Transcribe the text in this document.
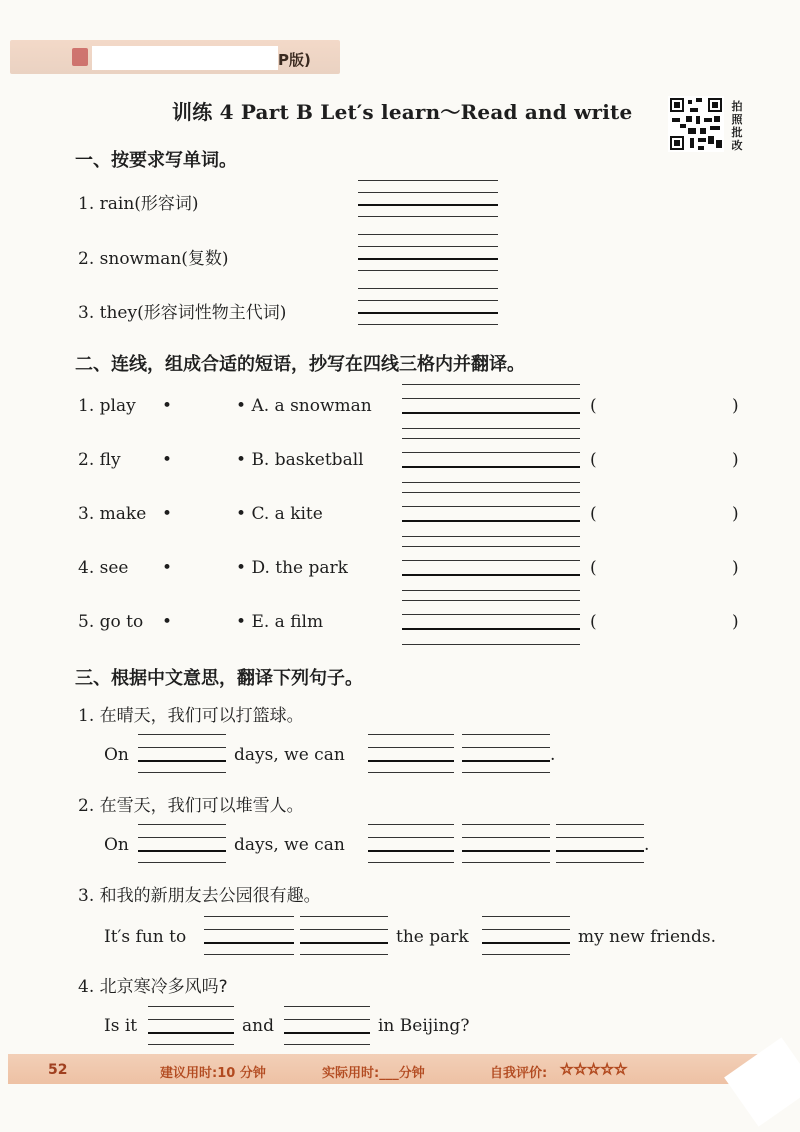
P版)
训练 4 Part B Let′s learn～Read and write	拍
照
批
改
一、按要求写单词。
1. rain(形容词)
2. snowman(复数)
3. they(形容词性物主代词)
二、连线，组成合适的短语，抄写在四线三格内并翻译。
1. play •	• A. a snowman	(	)
2. fly •	• B. basketball	(	)
3. make •	• C. a kite	(	)
4. see •	• D. the park	(	)
5. go to •	• E. a film	(	)
三、根据中文意思，翻译下列句子。
1. 在晴天，我们可以打篮球。
On	days, we can	.
2. 在雪天，我们可以堆雪人。
On	days, we can	.
3. 和我的新朋友去公园很有趣。
It′s fun to	the park	my new friends.
4. 北京寒冷多风吗?
Is it	and	in Beijing?
52	建议用时:10 分钟	实际用时:___分钟	自我评价: ☆☆☆☆☆
